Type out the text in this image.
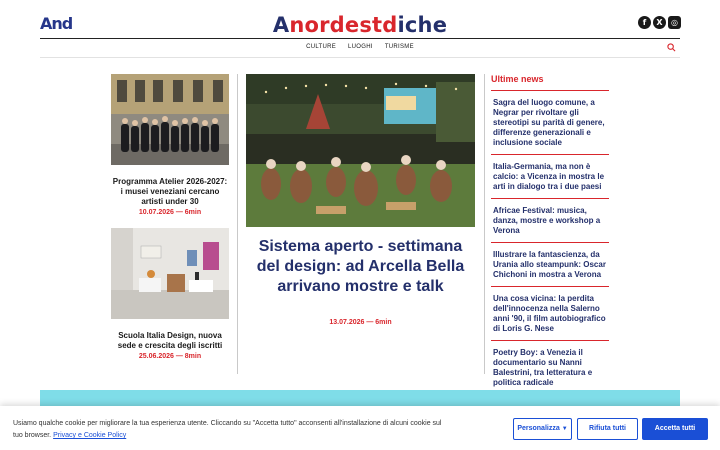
And	Anordestdiche	f	X	◎
CULTURE LUOGHI TURISME
Programma Atelier 2026-2027: i musei veneziani cercano artisti under 30
10.07.2026 — 6min
Scuola Italia Design, nuova sede e crescita degli iscritti
25.06.2026 — 8min
Sistema aperto - settimana del design: ad Arcella Bella arrivano mostre e talk
13.07.2026 — 6min
Ultime news
Sagra del luogo comune, a Negrar per rivoltare gli stereotipi su parità di genere, differenze generazionali e inclusione sociale
Italia-Germania, ma non è calcio: a Vicenza in mostra le arti in dialogo tra i due paesi
Africae Festival: musica, danza, mostre e workshop a Verona
Illustrare la fantascienza, da Urania allo steampunk: Oscar Chichoni in mostra a Verona
Una cosa vicina: la perdita dell'innocenza nella Salerno anni '90, il film autobiografico di Loris G. Nese
Poetry Boy: a Venezia il documentario su Nanni Balestrini, tra letteratura e politica radicale
Usiamo qualche cookie per migliorare la tua esperienza utente. Cliccando su "Accetta tutto" acconsenti all'installazione di alcuni cookie sul tuo browser. Privacy e Cookie Policy
Personalizza ▼	Rifiuta tutti	Accetta tutti
